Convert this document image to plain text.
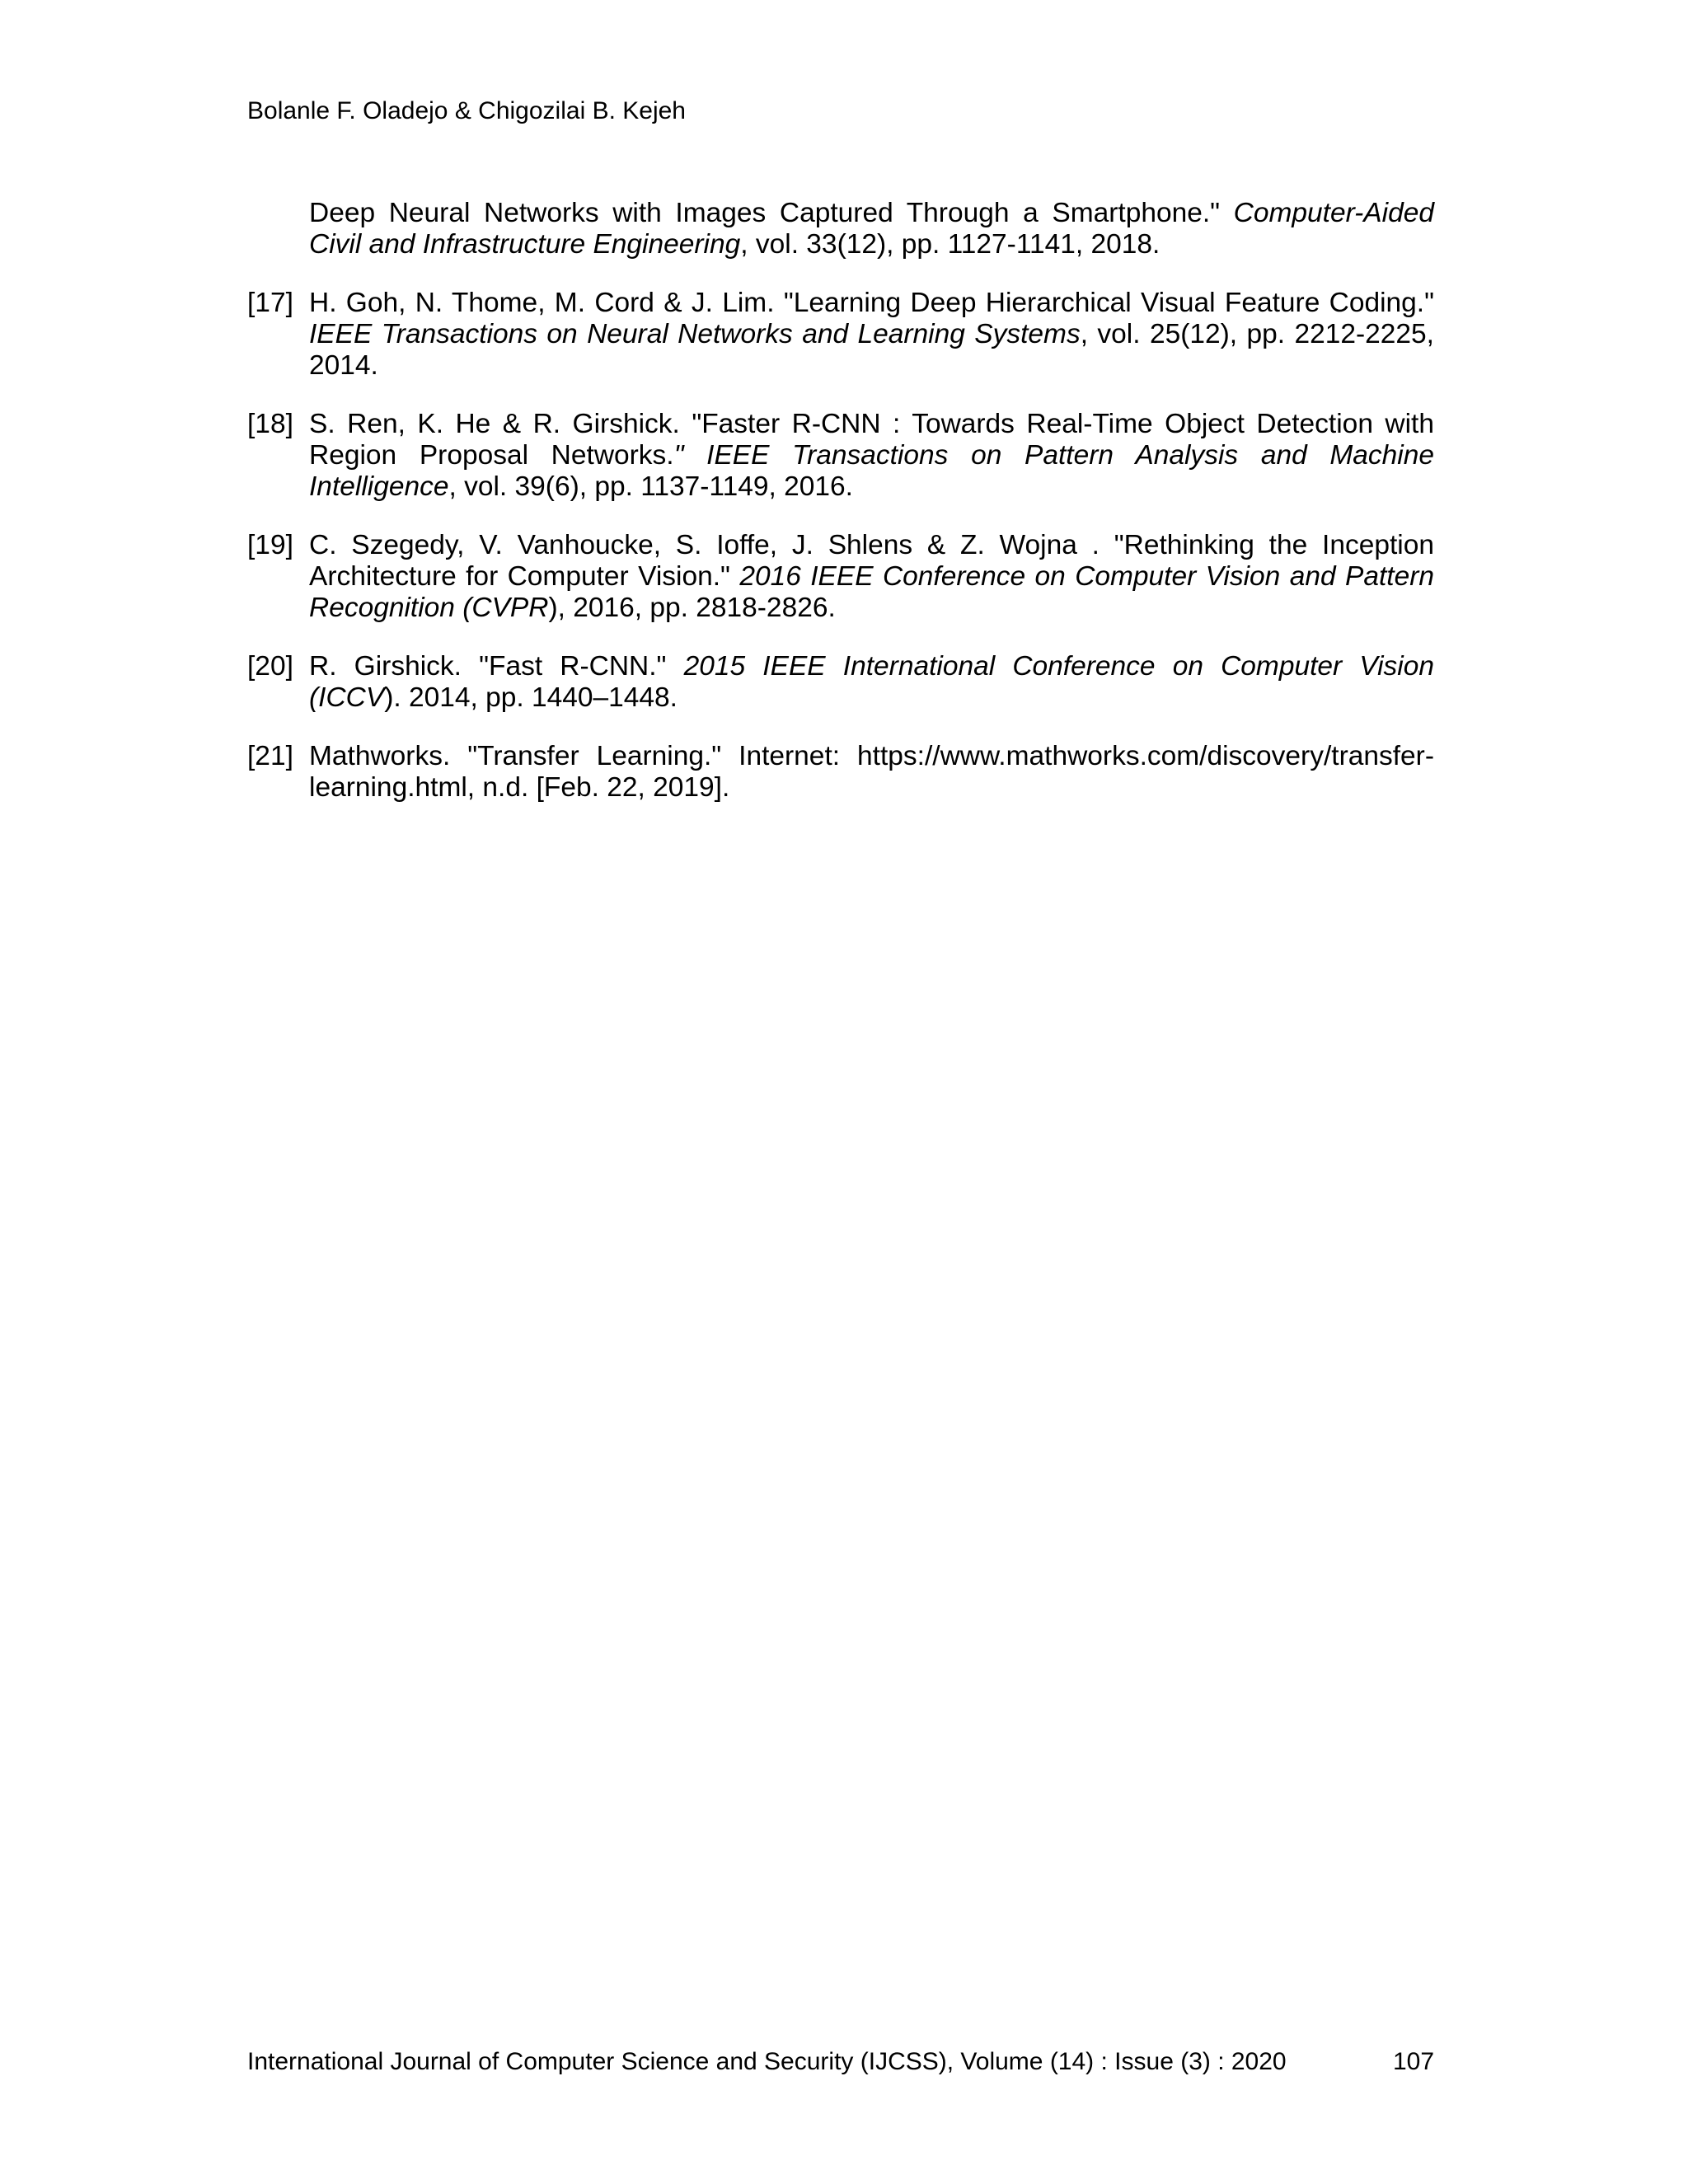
Bolanle F. Oladejo & Chigozilai B. Kejeh
Deep Neural Networks with Images Captured Through a Smartphone." Computer-Aided Civil and Infrastructure Engineering, vol. 33(12), pp. 1127-1141, 2018.
[17] H. Goh, N. Thome, M. Cord & J. Lim. "Learning Deep Hierarchical Visual Feature Coding." IEEE Transactions on Neural Networks and Learning Systems, vol. 25(12), pp. 2212-2225, 2014.
[18] S. Ren, K. He & R. Girshick. "Faster R-CNN : Towards Real-Time Object Detection with Region Proposal Networks." IEEE Transactions on Pattern Analysis and Machine Intelligence, vol. 39(6), pp. 1137-1149, 2016.
[19] C. Szegedy, V. Vanhoucke, S. Ioffe, J. Shlens & Z. Wojna . "Rethinking the Inception Architecture for Computer Vision." 2016 IEEE Conference on Computer Vision and Pattern Recognition (CVPR), 2016, pp. 2818-2826.
[20] R. Girshick. "Fast R-CNN." 2015 IEEE International Conference on Computer Vision (ICCV). 2014, pp. 1440–1448.
[21] Mathworks. "Transfer Learning." Internet: https://www.mathworks.com/discovery/transfer-learning.html, n.d. [Feb. 22, 2019].
International Journal of Computer Science and Security (IJCSS), Volume (14) : Issue (3) : 2020	107
